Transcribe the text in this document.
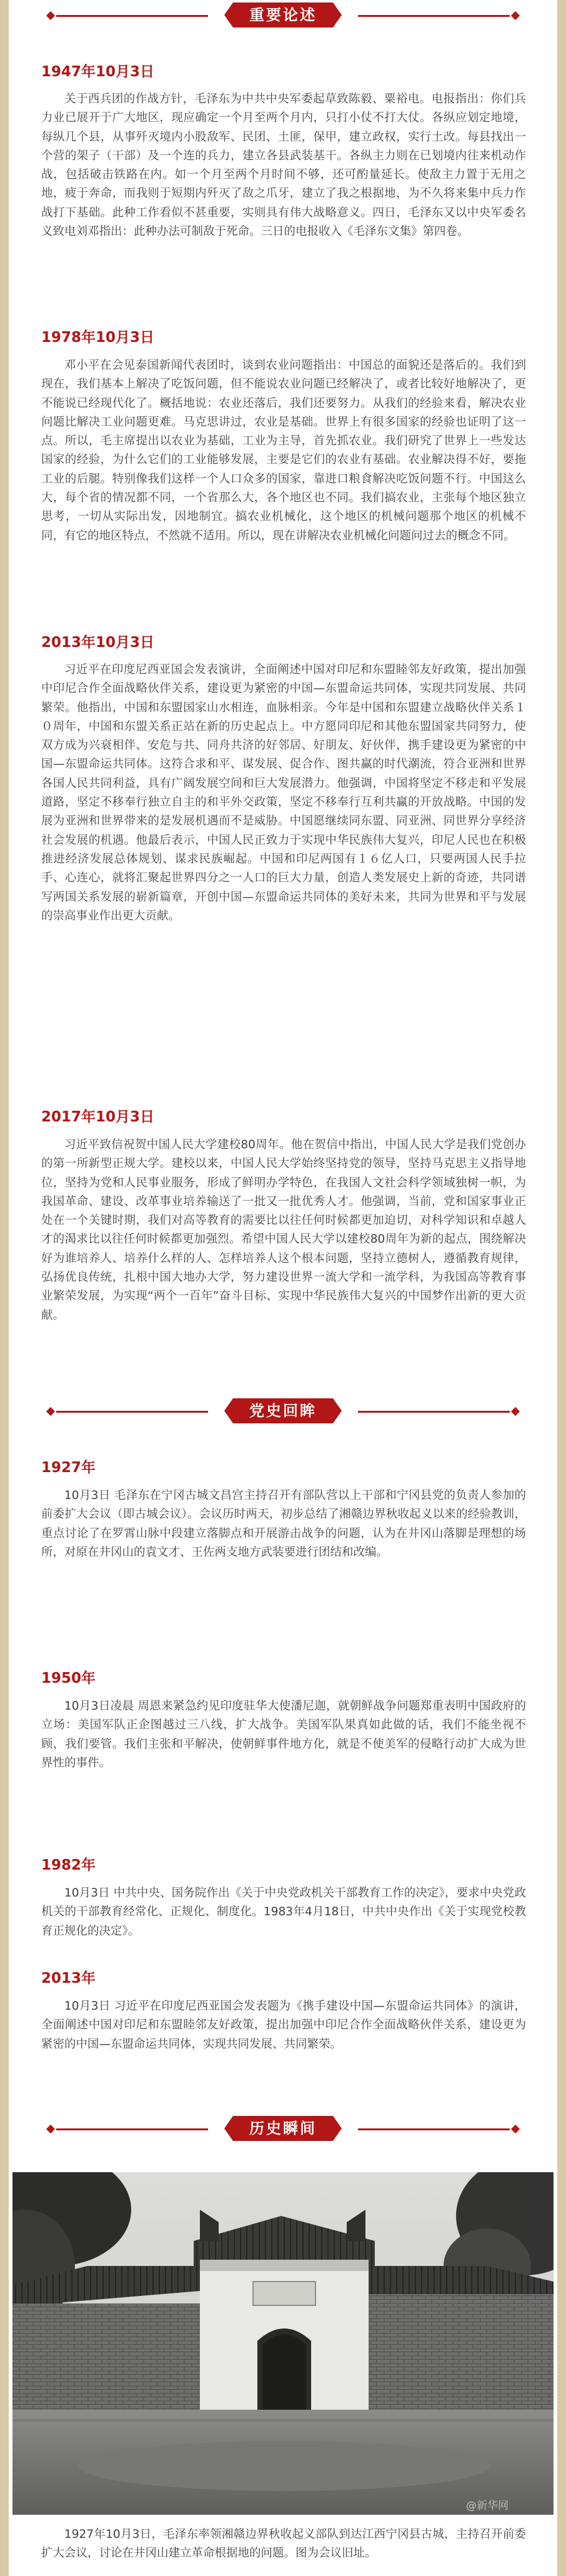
重要论述
1947年10月3日

关于西兵团的作战方针，毛泽东为中共中央军委起草致陈毅、粟裕电。电报指出：你们兵力业已展开于广大地区，现应确定一个月至两个月内，只打小仗不打大仗。各纵应划定地境，每纵几个县，从事歼灭境内小股敌军、民团、土匪，保甲，建立政权，实行土改。每县找出一个营的架子（干部）及一个连的兵力，建立各县武装基干。各纵主力则在已划境内往来机动作战，包括破击铁路在内。如一个月至两个月时间不够，还可酌量延长。使敌主力置于无用之地，疲于奔命，而我则于短期内歼灭了敌之爪牙，建立了我之根据地，为不久将来集中兵力作战打下基础。此种工作看似不甚重要，实则具有伟大战略意义。四日，毛泽东又以中央军委名义致电刘邓指出：此种办法可制敌于死命。三日的电报收入《毛泽东文集》第四卷。

1978年10月3日

邓小平在会见泰国新闻代表团时，谈到农业问题指出：中国总的面貌还是落后的。我们到现在，我们基本上解决了吃饭问题，但不能说农业问题已经解决了，或者比较好地解决了，更不能说已经现代化了。概括地说：农业还落后，我们还要努力。从我们的经验来看，解决农业问题比解决工业问题更难。马克思讲过，农业是基础。世界上有很多国家的经验也证明了这一点。所以，毛主席提出以农业为基础，工业为主导，首先抓农业。我们研究了世界上一些发达国家的经验，为什么它们的工业能够发展，主要是它们的农业有基础。农业解决得不好，要拖工业的后腿。特别像我们这样一个人口众多的国家，靠进口粮食解决吃饭问题不行。中国这么大，每个省的情况都不同，一个省那么大，各个地区也不同。我们搞农业，主张每个地区独立思考，一切从实际出发，因地制宜。搞农业机械化，这个地区的机械问题那个地区的机械不同，有它的地区特点，不然就不适用。所以，现在讲解决农业机械化问题问过去的概念不同。

2013年10月3日

习近平在印度尼西亚国会发表演讲，全面阐述中国对印尼和东盟睦邻友好政策，提出加强中印尼合作全面战略伙伴关系，建设更为紧密的中国—东盟命运共同体，实现共同发展、共同繁荣。他指出，中国和东盟国家山水相连，血脉相亲。今年是中国和东盟建立战略伙伴关系１０周年，中国和东盟关系正站在新的历史起点上。中方愿同印尼和其他东盟国家共同努力，使双方成为兴衰相伴、安危与共、同舟共济的好邻居、好朋友、好伙伴，携手建设更为紧密的中国—东盟命运共同体。这符合求和平、谋发展、促合作、图共赢的时代潮流，符合亚洲和世界各国人民共同利益，具有广阔发展空间和巨大发展潜力。他强调，中国将坚定不移走和平发展道路，坚定不移奉行独立自主的和平外交政策，坚定不移奉行互利共赢的开放战略。中国的发展为亚洲和世界带来的是发展机遇而不是威胁。中国愿继续同东盟、同亚洲、同世界分享经济社会发展的机遇。他最后表示，中国人民正致力于实现中华民族伟大复兴，印尼人民也在积极推进经济发展总体规划、谋求民族崛起。中国和印尼两国有１６亿人口，只要两国人民手拉手、心连心，就将汇聚起世界四分之一人口的巨大力量，创造人类发展史上新的奇迹，共同谱写两国关系发展的崭新篇章，开创中国—东盟命运共同体的美好未来，共同为世界和平与发展的崇高事业作出更大贡献。

2017年10月3日

习近平致信祝贺中国人民大学建校80周年。他在贺信中指出，中国人民大学是我们党创办的第一所新型正规大学。建校以来，中国人民大学始终坚持党的领导，坚持马克思主义指导地位，坚持为党和人民事业服务，形成了鲜明办学特色，在我国人文社会科学领域独树一帜，为我国革命、建设、改革事业培养输送了一批又一批优秀人才。他强调，当前，党和国家事业正处在一个关键时期，我们对高等教育的需要比以往任何时候都更加迫切，对科学知识和卓越人才的渴求比以往任何时候都更加强烈。希望中国人民大学以建校80周年为新的起点，围绕解决好为谁培养人、培养什么样的人、怎样培养人这个根本问题，坚持立德树人，遵循教育规律，弘扬优良传统，扎根中国大地办大学，努力建设世界一流大学和一流学科，为我国高等教育事业繁荣发展，为实现“两个一百年”奋斗目标、实现中华民族伟大复兴的中国梦作出新的更大贡献。

党史回眸
1927年

10月3日 毛泽东在宁冈古城文昌宫主持召开有部队营以上干部和宁冈县党的负责人参加的前委扩大会议（即古城会议）。会议历时两天，初步总结了湘赣边界秋收起义以来的经验教训，重点讨论了在罗霄山脉中段建立落脚点和开展游击战争的问题，认为在井冈山落脚是理想的场所，对原在井冈山的袁文才、王佐两支地方武装要进行团结和改编。

1950年

10月3日凌晨 周恩来紧急约见印度驻华大使潘尼迦，就朝鲜战争问题郑重表明中国政府的立场：美国军队正企图越过三八线，扩大战争。美国军队果真如此做的话，我们不能坐视不顾，我们要管。我们主张和平解决，使朝鲜事件地方化，就是不使美军的侵略行动扩大成为世界性的事件。

1982年

10月3日 中共中央、国务院作出《关于中央党政机关干部教育工作的决定》，要求中央党政机关的干部教育经常化、正规化、制度化。1983年4月18日，中共中央作出《关于实现党校教育正规化的决定》。

2013年

10月3日 习近平在印度尼西亚国会发表题为《携手建设中国—东盟命运共同体》的演讲，全面阐述中国对印尼和东盟睦邻友好政策，提出加强中印尼合作全面战略伙伴关系，建设更为紧密的中国—东盟命运共同体，实现共同发展、共同繁荣。

历史瞬间
@新华网

1927年10月3日，毛泽东率领湘赣边界秋收起义部队到达江西宁冈县古城，主持召开前委扩大会议，讨论在井冈山建立革命根据地的问题。图为会议旧址。
